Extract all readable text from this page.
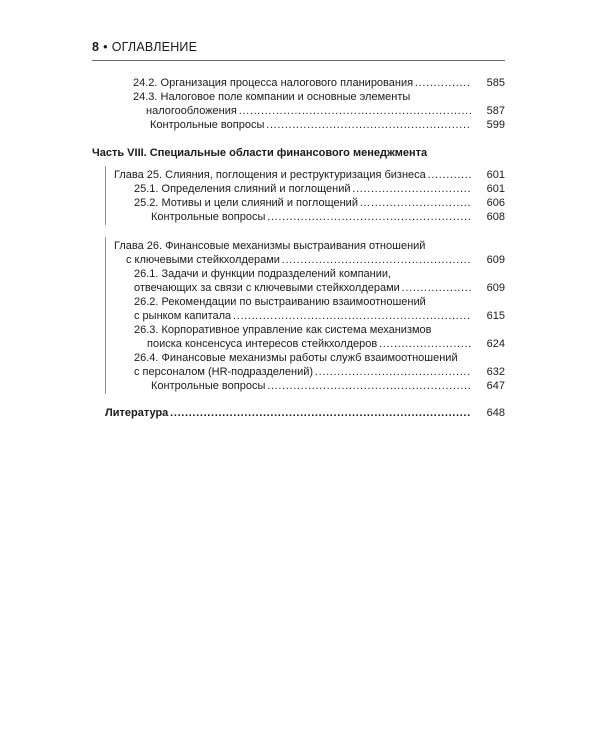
8 • ОГЛАВЛЕНИЕ
24.2. Организация процесса налогового планирования . . .	585
24.3. Налоговое поле компании и основные элементы
налогообложения . . .	587
Контрольные вопросы . . .	599
Часть VIII. Специальные области финансового менеджмента
Глава 25. Слияния, поглощения и реструктуризация бизнеса . . .	601
25.1. Определения слияний и поглощений . . .	601
25.2. Мотивы и цели слияний и поглощений . . .	606
Контрольные вопросы . . .	608
Глава 26. Финансовые механизмы выстраивания отношений
с ключевыми стейкхолдерами . . .	609
26.1. Задачи и функции подразделений компании,
отвечающих за связи с ключевыми стейкхолдерами . . .	609
26.2. Рекомендации по выстраиванию взаимоотношений
с рынком капитала . . .	615
26.3. Корпоративное управление как система механизмов
поиска консенсуса интересов стейкхолдеров . . .	624
26.4. Финансовые механизмы работы служб взаимоотношений
с персоналом (HR-подразделений) . . .	632
Контрольные вопросы . . .	647
Литература . . .	648
